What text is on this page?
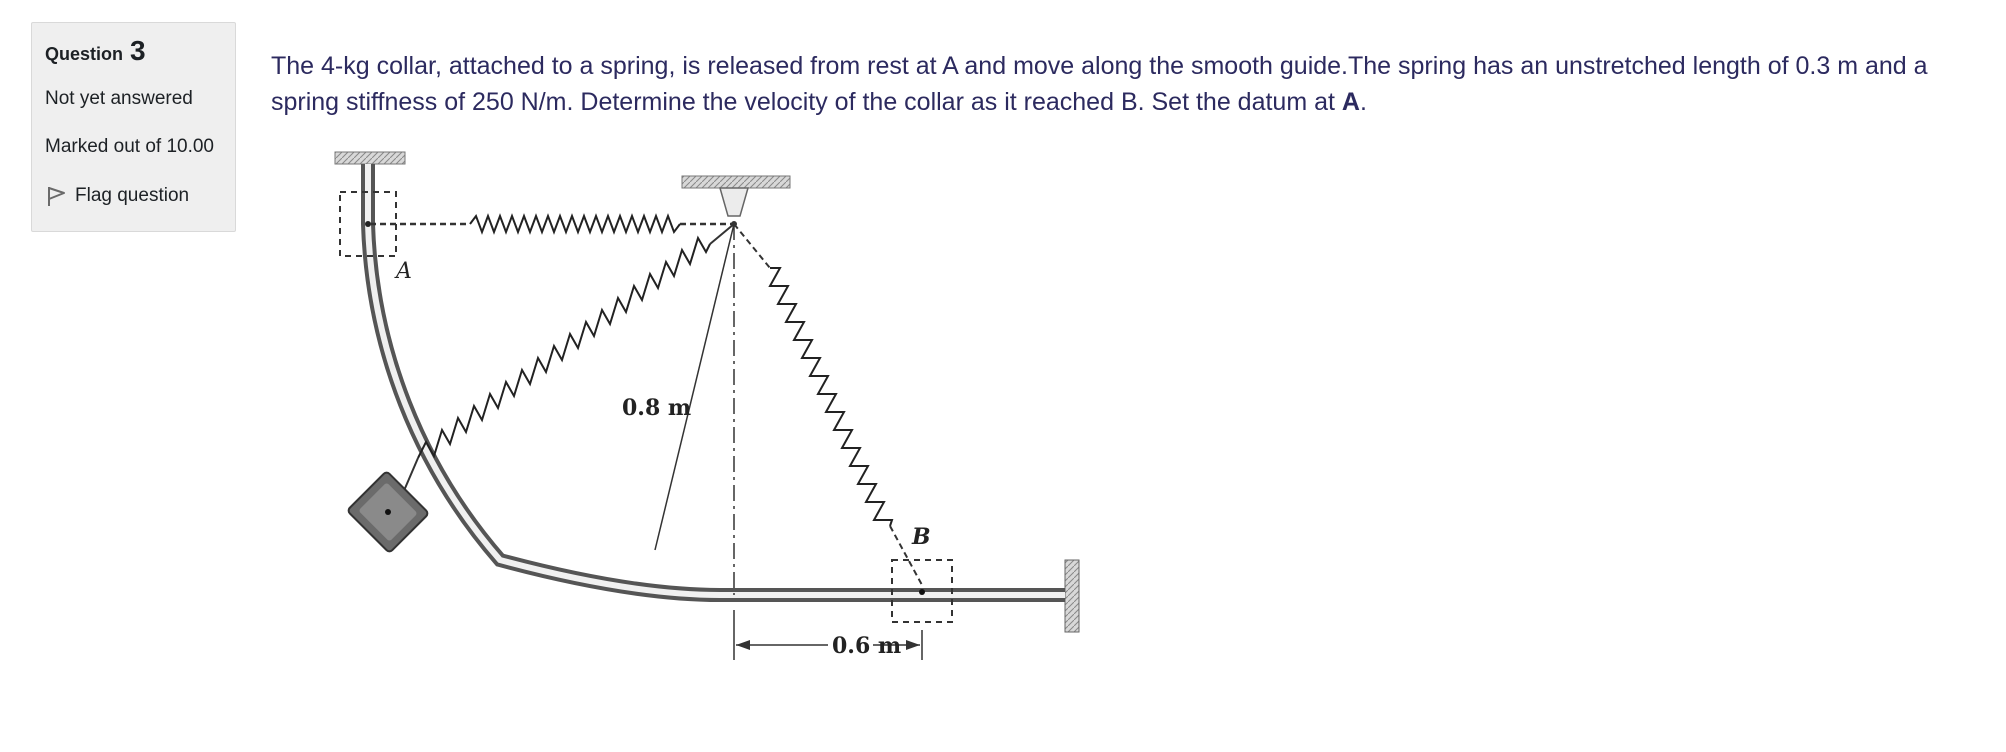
Question 3
Not yet answered
Marked out of 10.00
Flag question
The 4-kg collar, attached to a spring, is released from rest at A and move along the smooth guide.The spring has an unstretched length of 0.3 m and a spring stiffness of 250 N/m. Determine the velocity of the collar as it reached B. Set the datum at A.
A
0.8 m
B
0.6 m
